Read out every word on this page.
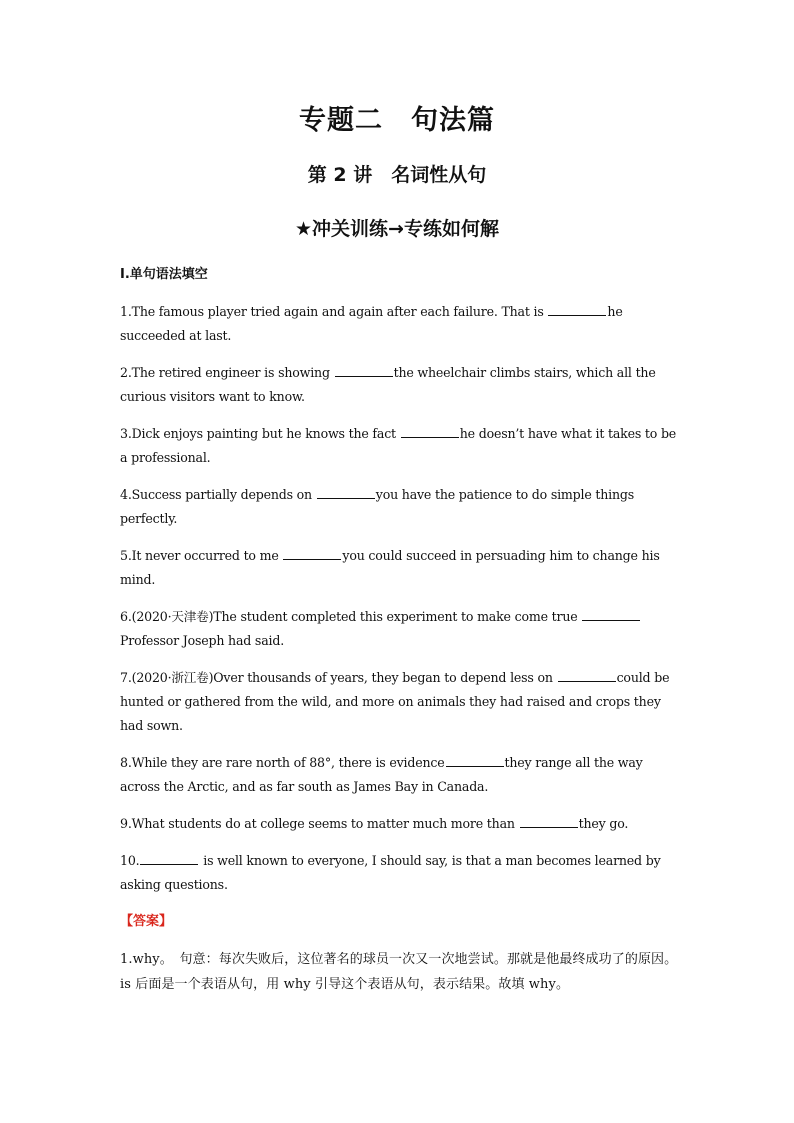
专题二　句法篇
第 2 讲　名词性从句
★冲关训练→专练如何解
Ⅰ.单句语法填空

1.The famous player tried again and again after each failure. That is	he succeeded at last.

2.The retired engineer is showing	the wheelchair climbs stairs, which all the curious visitors want to know.

3.Dick enjoys painting but he knows the fact	he doesn’t have what it takes to be a professional.

4.Success partially depends on	you have the patience to do simple things perfectly.

5.It never occurred to me	you could succeed in persuading him to change his mind.

6.(2020·天津卷)The student completed this experiment to make come true  Professor Joseph had said.

7.(2020·浙江卷)Over thousands of years, they began to depend less on	could be hunted or gathered from the wild, and more on animals they had raised and crops they had sown.

8.While they are rare north of 88°, there is evidence	they range all the way across the Arctic, and as far south as James Bay in Canada.

9.What students do at college seems to matter much more than	they go.

10.	is well known to everyone, I should say, is that a man becomes learned by asking questions.

【答案】
1.why。　句意：每次失败后，这位著名的球员一次又一次地尝试。那就是他最终成功了的原因。is 后面是一个表语从句，用 why 引导这个表语从句，表示结果。故填 why。
